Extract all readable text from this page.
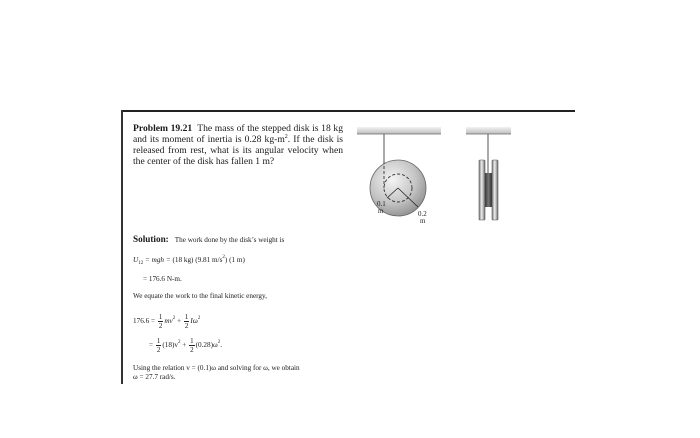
Problem 19.21 The mass of the stepped disk is 18 kg and its moment of inertia is 0.28 $kg-m^2$. If the disk is released from rest, what is its angular velocity when the center of the disk has fallen 1 m?
0.1
m	0.2
m
Solution: The work done by the disk’s weight is
$U_{12}$ = mgh = (18 kg) (9.81 $m/s^2$) (1 m)
= 176.6 N-m.
We equate the work to the final kinetic energy,
$176.6 = \frac{1}{2} mv^2 + \frac{1}{2} I\omega^2$
= $\frac{1}{2} (18)v^2 + \frac{1}{2} (0.28)\omega^2$.
Using the relation v = (0.1)ω and solving for ω, we obtain
ω = 27.7 rad/s.
